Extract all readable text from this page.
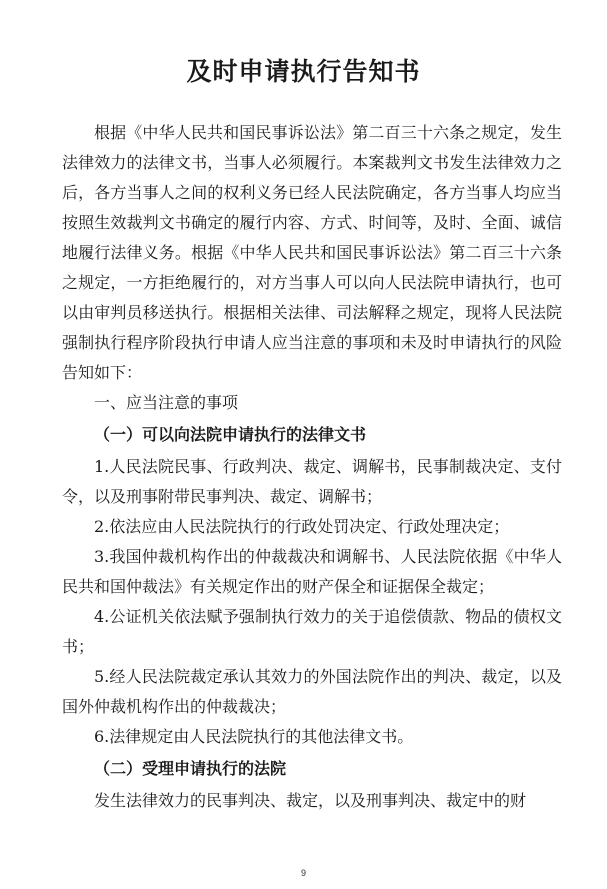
及时申请执行告知书

根据《中华人民共和国民事诉讼法》第二百三十六条之规定，发生法律效力的法律文书，当事人必须履行。本案裁判文书发生法律效力之后，各方当事人之间的权利义务已经人民法院确定，各方当事人均应当按照生效裁判文书确定的履行内容、方式、时间等，及时、全面、诚信地履行法律义务。根据《中华人民共和国民事诉讼法》第二百三十六条之规定，一方拒绝履行的，对方当事人可以向人民法院申请执行，也可以由审判员移送执行。根据相关法律、司法解释之规定，现将人民法院强制执行程序阶段执行申请人应当注意的事项和未及时申请执行的风险告知如下：

一、应当注意的事项

（一）可以向法院申请执行的法律文书

1.人民法院民事、行政判决、裁定、调解书，民事制裁决定、支付令，以及刑事附带民事判决、裁定、调解书；

2.依法应由人民法院执行的行政处罚决定、行政处理决定；

3.我国仲裁机构作出的仲裁裁决和调解书、人民法院依据《中华人民共和国仲裁法》有关规定作出的财产保全和证据保全裁定；

4.公证机关依法赋予强制执行效力的关于追偿债款、物品的债权文书；

5.经人民法院裁定承认其效力的外国法院作出的判决、裁定，以及国外仲裁机构作出的仲裁裁决；

6.法律规定由人民法院执行的其他法律文书。

（二）受理申请执行的法院

发生法律效力的民事判决、裁定，以及刑事判决、裁定中的财

9
